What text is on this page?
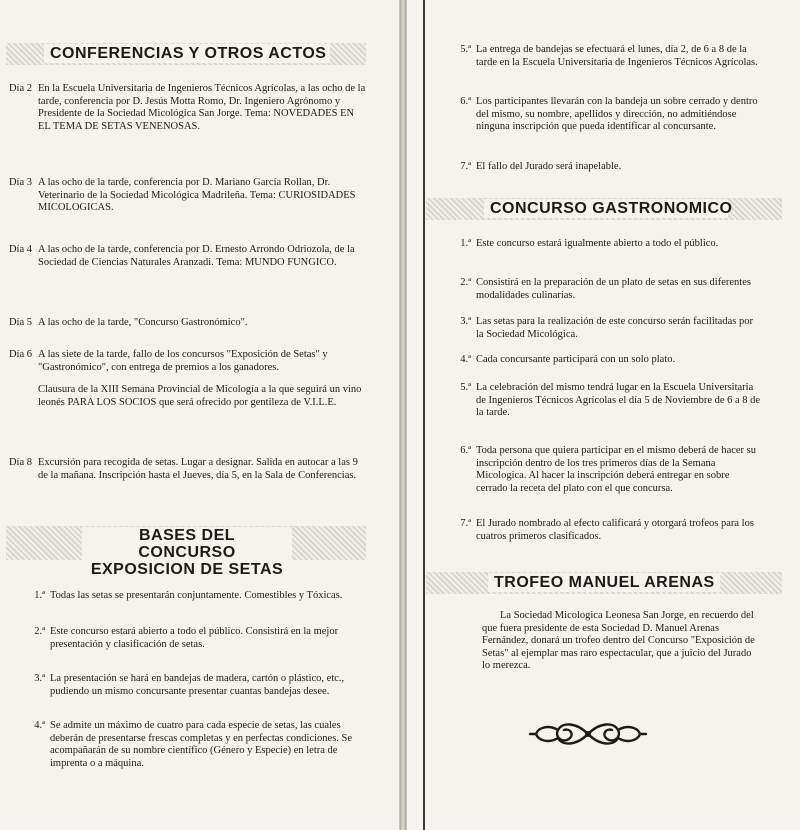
CONFERENCIAS Y OTROS ACTOS
Día 2 En la Escuela Universitaria de Ingenieros Técnicos Agrícolas, a las ocho de la tarde, conferencia por D. Jesús Motta Romo, Dr. Ingeniero Agrónomo y Presidente de la Sociedad Micológica San Jorge. Tema: NOVEDADES EN EL TEMA DE SETAS VENENOSAS.

Día 3 A las ocho de la tarde, conferencia por D. Mariano García Rollan, Dr. Veterinario de la Sociedad Micológica Madrileña. Tema: CURIOSIDADES MICOLOGICAS.

Día 4 A las ocho de la tarde, conferencia por D. Ernesto Arrondo Odriozola, de la Sociedad de Ciencias Naturales Aranzadi. Tema: MUNDO FUNGICO.

Día 5 A las ocho de la tarde, "Concurso Gastronómico".

Día 6 A las siete de la tarde, fallo de los concursos "Exposición de Setas" y "Gastronómico", con entrega de premios a los ganadores.

Clausura de la XIII Semana Provincial de Micología a la que seguirá un vino leonés PARA LOS SOCIOS que será ofrecido por gentileza de V.I.L.E.

Día 8 Excursión para recogida de setas. Lugar a designar. Salida en autocar a las 9 de la mañana. Inscripción hasta el Jueves, día 5, en la Sala de Conferencias.

BASES DEL CONCURSO
EXPOSICION DE SETAS
1.ª Todas las setas se presentarán conjuntamente. Comestibles y Tóxicas.

2.ª Este concurso estará abierto a todo el público. Consistirá en la mejor presentación y clasificación de setas.

3.ª La presentación se hará en bandejas de madera, cartón o plástico, etc., pudiendo un mismo concursante presentar cuantas bandejas desee.

4.ª Se admite un máximo de cuatro para cada especie de setas, las cuales deberán de presentarse frescas completas y en perfectas condiciones. Se acompañarán de su nombre científico (Género y Especie) en letra de imprenta o a máquina.

5.ª La entrega de bandejas se efectuará el lunes, día 2, de 6 a 8 de la tarde en la Escuela Universitaria de Ingenieros Técnicos Agrícolas.

6.ª Los participantes llevarán con la bandeja un sobre cerrado y dentro del mismo, su nombre, apellidos y dirección, no admitiéndose ninguna inscripción que pueda identificar al concursante.

7.ª El fallo del Jurado será inapelable.

CONCURSO GASTRONOMICO
1.ª Este concurso estará igualmente abierto a todo el público.

2.ª Consistirá en la preparación de un plato de setas en sus diferentes modalidades culinarias.

3.ª Las setas para la realización de este concurso serán facilitadas por la Sociedad Micológica.

4.ª Cada concursante participará con un solo plato.

5.ª La celebración del mismo tendrá lugar en la Escuela Universitaria de Ingenieros Técnicos Agrícolas el día 5 de Noviembre de 6 a 8 de la tarde.

6.ª Toda persona que quiera participar en el mismo deberá de hacer su inscripción dentro de los tres primeros días de la Semana Micologica. Al hacer la inscripción deberá entregar en sobre cerrado la receta del plato con el que concursa.

7.ª El Jurado nombrado al efecto calificará y otorgará trofeos para los cuatros primeros clasificados.

TROFEO MANUEL ARENAS
La Sociedad Micologica Leonesa San Jorge, en recuerdo del que fuera presidente de esta Sociedad D. Manuel Arenas Fernández, donará un trofeo dentro del Concurso "Exposición de Setas" al ejemplar mas raro espectacular, que a juicio del Jurado lo merezca.
